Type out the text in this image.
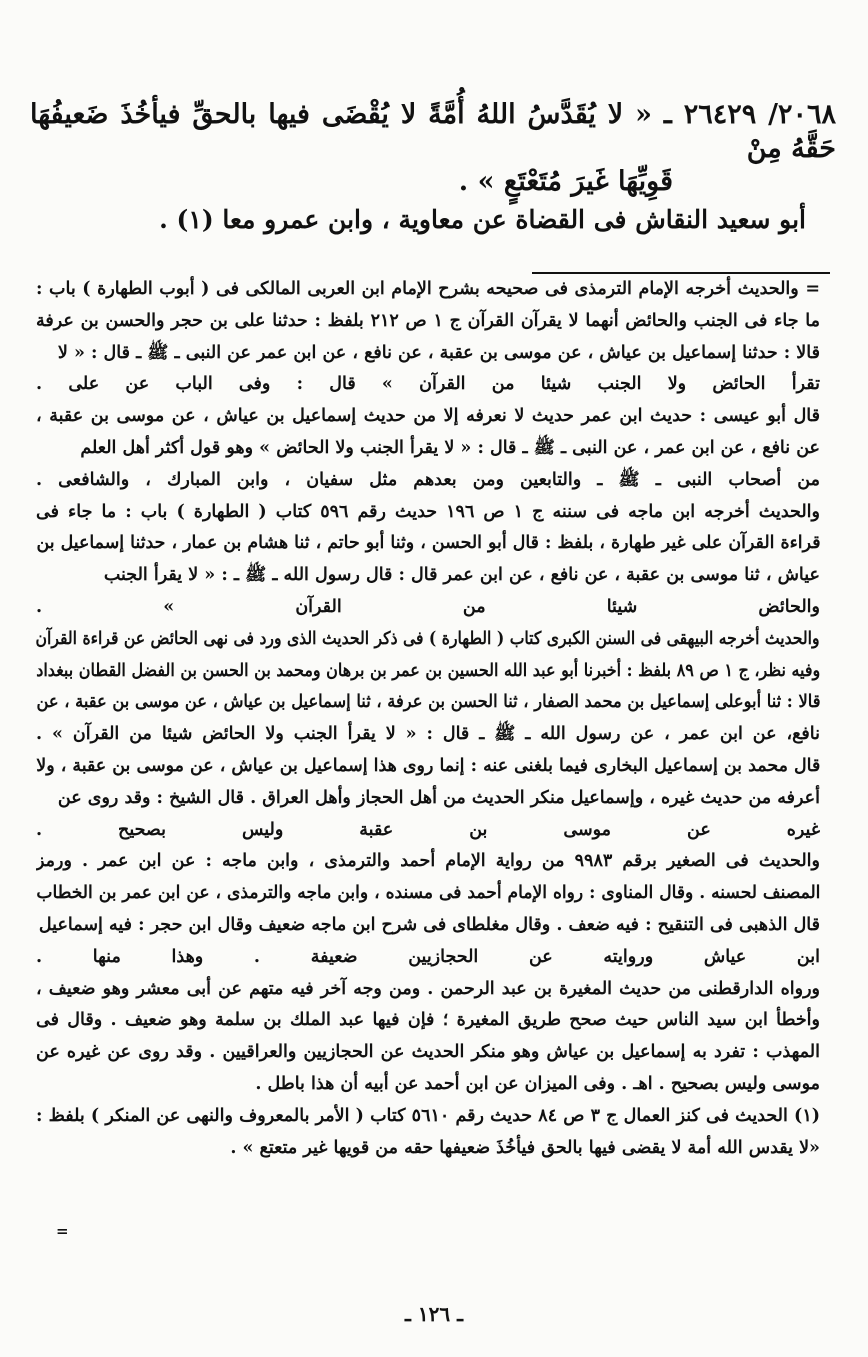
٢٠٦٨/ ٢٦٤٢٩ ـ « لا يُقَدَّسُ اللهُ أُمَّةً لا يُقْضَى فيها بالحقِّ فيأخُذَ ضَعيفُهَا حَقَّهُ مِنْ

قَوِيِّهَا غَيرَ مُتَعْتَعٍ » .

أبو سعيد النقاش فى القضاة عن معاوية ، وابن عمرو معا (١) .

= والحديث أخرجه الإمام الترمذى فى صحيحه بشرح الإمام ابن العربى المالكى فى ( أبوب الطهارة ) باب :

ما جاء فى الجنب والحائض أنهما لا يقرآن القرآن ج ١ ص ٢١٢ بلفظ : حدثنا على بن حجر والحسن بن عرفة

قالا : حدثنا إسماعيل بن عياش ، عن موسى بن عقبة ، عن نافع ، عن ابن عمر عن النبى ـ ﷺ ـ قال : « لا

تقرأ الحائض ولا الجنب شيئا من القرآن » قال : وفى الباب عن على .

قال أبو عيسى : حديث ابن عمر حديث لا نعرفه إلا من حديث إسماعيل بن عياش ، عن موسى بن عقبة ،

عن نافع ، عن ابن عمر ، عن النبى ـ ﷺ ـ قال : « لا يقرأ الجنب ولا الحائض » وهو قول أكثر أهل العلم

من أصحاب النبى ـ ﷺ ـ والتابعين ومن بعدهم مثل سفيان ، وابن المبارك ، والشافعى .

والحديث أخرجه ابن ماجه فى سننه ج ١ ص ١٩٦ حديث رقم ٥٩٦ كتاب ( الطهارة ) باب : ما جاء فى

قراءة القرآن على غير طهارة ، بلفظ : قال أبو الحسن ، وثنا أبو حاتم ، ثنا هشام بن عمار ، حدثنا إسماعيل بن

عياش ، ثنا موسى بن عقبة ، عن نافع ، عن ابن عمر قال : قال رسول الله ـ ﷺ ـ : « لا يقرأ الجنب

والحائض شيئا من القرآن » .

والحديث أخرجه البيهقى فى السنن الكبرى كتاب ( الطهارة ) فى ذكر الحديث الذى ورد فى نهى الحائض عن قراءة القرآن

وفيه نظر، ج ١ ص ٨٩ بلفظ : أخبرنا أبو عبد الله الحسين بن عمر بن برهان ومحمد بن الحسن بن الفضل القطان ببغداد

قالا : ثنا أبوعلى إسماعيل بن محمد الصفار ، ثنا الحسن بن عرفة ، ثنا إسماعيل بن عياش ، عن موسى بن عقبة ، عن

نافع، عن ابن عمر ، عن رسول الله ـ ﷺ ـ قال : « لا يقرأ الجنب ولا الحائض شيئا من القرآن » .

قال محمد بن إسماعيل البخارى فيما بلغنى عنه : إنما روى هذا إسماعيل بن عياش ، عن موسى بن عقبة ، ولا

أعرفه من حديث غيره ، وإسماعيل منكر الحديث من أهل الحجاز وأهل العراق . قال الشيخ : وقد روى عن

غيره عن موسى بن عقبة وليس بصحيح .

والحديث فى الصغير برقم ٩٩٨٣ من رواية الإمام أحمد والترمذى ، وابن ماجه : عن ابن عمر . ورمز

المصنف لحسنه . وقال المناوى : رواه الإمام أحمد فى مسنده ، وابن ماجه والترمذى ، عن ابن عمر بن الخطاب

قال الذهبى فى التنقيح : فيه ضعف . وقال مغلطاى فى شرح ابن ماجه ضعيف وقال ابن حجر : فيه إسماعيل

ابن عياش وروايته عن الحجازيين ضعيفة . وهذا منها .

ورواه الدارقطنى من حديث المغيرة بن عبد الرحمن . ومن وجه آخر فيه متهم عن أبى معشر وهو ضعيف ،

وأخطأ ابن سيد الناس حيث صحح طريق المغيرة ؛ فإن فيها عبد الملك بن سلمة وهو ضعيف . وقال فى

المهذب : تفرد به إسماعيل بن عياش وهو منكر الحديث عن الحجازيين والعراقيين . وقد روى عن غيره عن

موسى وليس بصحيح . اهـ . وفى الميزان عن ابن أحمد عن أبيه أن هذا باطل .

(١) الحديث فى كنز العمال ج ٣ ص ٨٤ حديث رقم ٥٦١٠ كتاب ( الأمر بالمعروف والنهى عن المنكر ) بلفظ :

«لا يقدس الله أمة لا يقضى فيها بالحق فيأخُذَ ضعيفها حقه من قويها غير متعتع » .

=
ـ ١٢٦ ـ
